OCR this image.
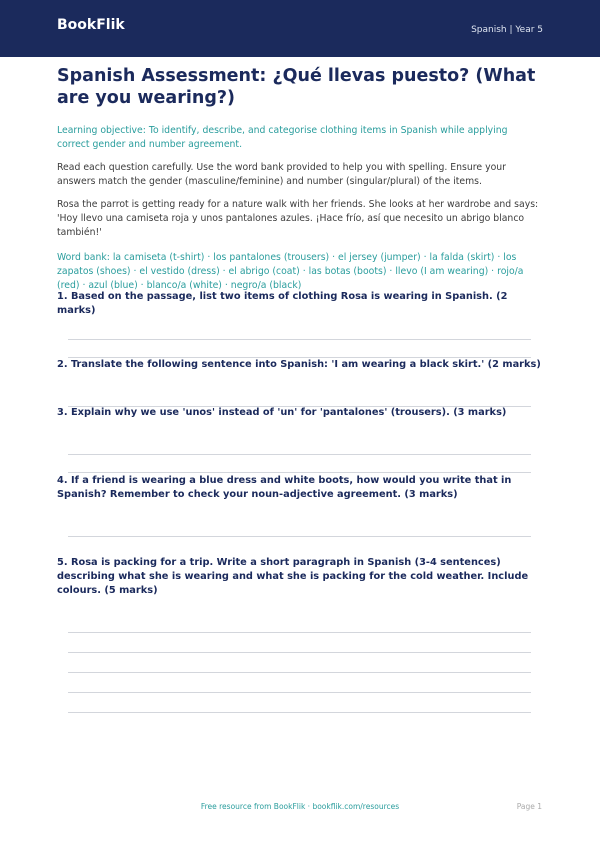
BookFlik	Spanish | Year 5
Spanish Assessment: ¿Qué llevas puesto? (What are you wearing?)

Learning objective: To identify, describe, and categorise clothing items in Spanish while applying correct gender and number agreement.

Read each question carefully. Use the word bank provided to help you with spelling. Ensure your answers match the gender (masculine/feminine) and number (singular/plural) of the items.

Rosa the parrot is getting ready for a nature walk with her friends. She looks at her wardrobe and says: 'Hoy llevo una camiseta roja y unos pantalones azules. ¡Hace frío, así que necesito un abrigo blanco también!'

Word bank: la camiseta (t-shirt) · los pantalones (trousers) · el jersey (jumper) · la falda (skirt) · los zapatos (shoes) · el vestido (dress) · el abrigo (coat) · las botas (boots) · llevo (I am wearing) · rojo/a (red) · azul (blue) · blanco/a (white) · negro/a (black)

1. Based on the passage, list two items of clothing Rosa is wearing in Spanish. (2 marks)
2. Translate the following sentence into Spanish: 'I am wearing a black skirt.' (2 marks)
3. Explain why we use 'unos' instead of 'un' for 'pantalones' (trousers). (3 marks)
4. If a friend is wearing a blue dress and white boots, how would you write that in Spanish? Remember to check your noun-adjective agreement. (3 marks)
5. Rosa is packing for a trip. Write a short paragraph in Spanish (3-4 sentences) describing what she is wearing and what she is packing for the cold weather. Include colours. (5 marks)
Free resource from BookFlik · bookflik.com/resources	Page 1
